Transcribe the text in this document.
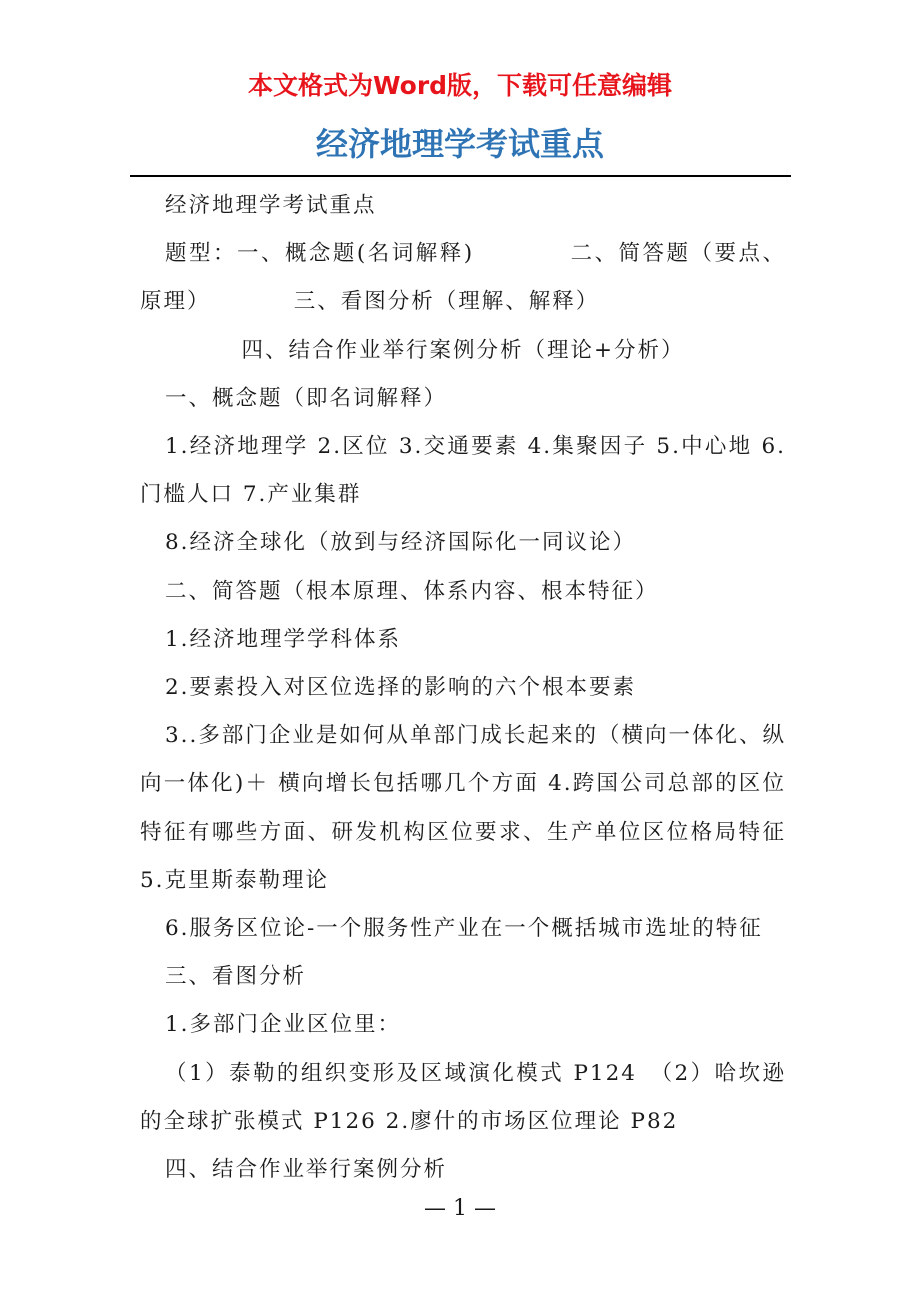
本文格式为Word版，下载可任意编辑
经济地理学考试重点

经济地理学考试重点

题型：一、概念题(名词解释)　　　　二、简答题（要点、原理）　　　　三、看图分析（理解、解释）

四、结合作业举行案例分析（理论+分析）

一、概念题（即名词解释）

1.经济地理学 2.区位 3.交通要素 4.集聚因子 5.中心地 6.门槛人口 7.产业集群

8.经济全球化（放到与经济国际化一同议论）

二、简答题（根本原理、体系内容、根本特征）

1.经济地理学学科体系

2.要素投入对区位选择的影响的六个根本要素

3..多部门企业是如何从单部门成长起来的（横向一体化、纵向一体化)＋ 横向增长包括哪几个方面 4.跨国公司总部的区位特征有哪些方面、研发机构区位要求、生产单位区位格局特征 5.克里斯泰勒理论

6.服务区位论-一个服务性产业在一个概括城市选址的特征

三、看图分析

1.多部门企业区位里：

（1）泰勒的组织变形及区域演化模式 P124　（2）哈坎逊的全球扩张模式 P126 2.廖什的市场区位理论 P82

四、结合作业举行案例分析

— 1 —
